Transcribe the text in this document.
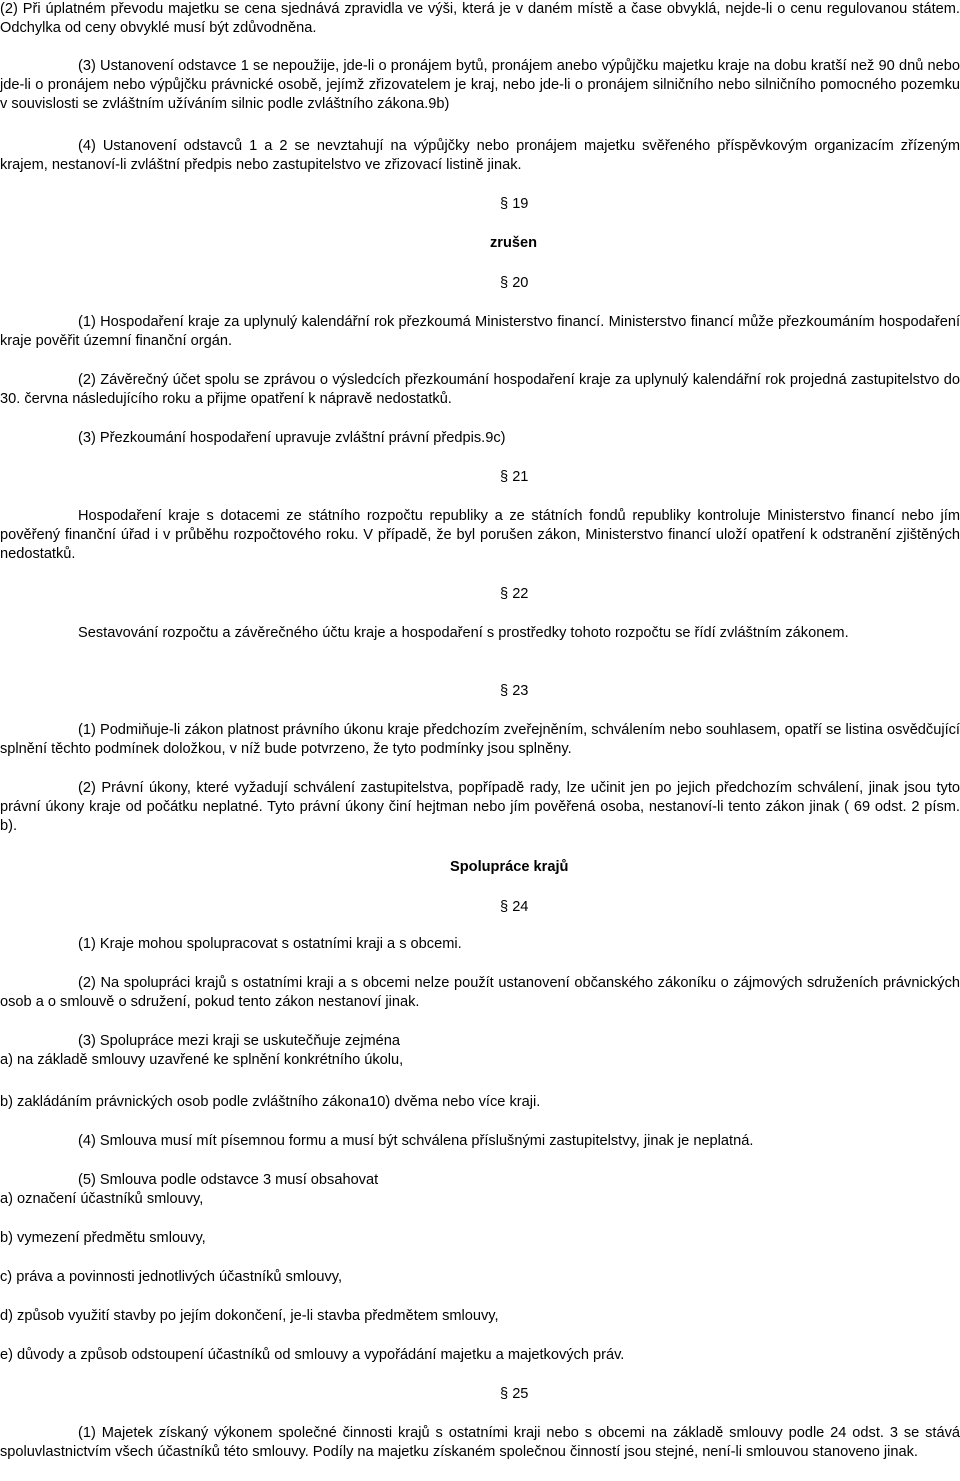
(2) Při úplatném převodu majetku se cena sjednává zpravidla ve výši, která je v daném místě a čase obvyklá, nejde-li o cenu regulovanou státem. Odchylka od ceny obvyklé musí být zdůvodněna.

(3) Ustanovení odstavce 1 se nepoužije, jde-li o pronájem bytů, pronájem anebo výpůjčku majetku kraje na dobu kratší než 90 dnů nebo jde-li o pronájem nebo výpůjčku právnické osobě, jejímž zřizovatelem je kraj, nebo jde-li o pronájem silničního nebo silničního pomocného pozemku v souvislosti se zvláštním užíváním silnic podle zvláštního zákona.9b)

(4) Ustanovení odstavců 1 a 2 se nevztahují na výpůjčky nebo pronájem majetku svěřeného příspěvkovým organizacím zřízeným krajem, nestanoví-li zvláštní předpis nebo zastupitelstvo ve zřizovací listině jinak.

§ 19
zrušen
§ 20

(1) Hospodaření kraje za uplynulý kalendářní rok přezkoumá Ministerstvo financí. Ministerstvo financí může přezkoumáním hospodaření kraje pověřit územní finanční orgán.

(2) Závěrečný účet spolu se zprávou o výsledcích přezkoumání hospodaření kraje za uplynulý kalendářní rok projedná zastupitelstvo do 30. června následujícího roku a přijme opatření k nápravě nedostatků.

(3) Přezkoumání hospodaření upravuje zvláštní právní předpis.9c)

§ 21

Hospodaření kraje s dotacemi ze státního rozpočtu republiky a ze státních fondů republiky kontroluje Ministerstvo financí nebo jím pověřený finanční úřad i v průběhu rozpočtového roku. V případě, že byl porušen zákon, Ministerstvo financí uloží opatření k odstranění zjištěných nedostatků.

§ 22

Sestavování rozpočtu a závěrečného účtu kraje a hospodaření s prostředky tohoto rozpočtu se řídí zvláštním zákonem.

§ 23

(1) Podmiňuje-li zákon platnost právního úkonu kraje předchozím zveřejněním, schválením nebo souhlasem, opatří se listina osvědčující splnění těchto podmínek doložkou, v níž bude potvrzeno, že tyto podmínky jsou splněny.

(2) Právní úkony, které vyžadují schválení zastupitelstva, popřípadě rady, lze učinit jen po jejich předchozím schválení, jinak jsou tyto právní úkony kraje od počátku neplatné. Tyto právní úkony činí hejtman nebo jím pověřená osoba, nestanoví-li tento zákon jinak ( 69 odst. 2 písm. b).

Spolupráce krajů
§ 24

(1) Kraje mohou spolupracovat s ostatními kraji a s obcemi.

(2) Na spolupráci krajů s ostatními kraji a s obcemi nelze použít ustanovení občanského zákoníku o zájmových sdruženích právnických osob a o smlouvě o sdružení, pokud tento zákon nestanoví jinak.

(3) Spolupráce mezi kraji se uskutečňuje zejména

a) na základě smlouvy uzavřené ke splnění konkrétního úkolu,

b) zakládáním právnických osob podle zvláštního zákona10) dvěma nebo více kraji.

(4) Smlouva musí mít písemnou formu a musí být schválena příslušnými zastupitelstvy, jinak je neplatná.

(5) Smlouva podle odstavce 3 musí obsahovat

a) označení účastníků smlouvy,

b) vymezení předmětu smlouvy,

c) práva a povinnosti jednotlivých účastníků smlouvy,

d) způsob využití stavby po jejím dokončení, je-li stavba předmětem smlouvy,

e) důvody a způsob odstoupení účastníků od smlouvy a vypořádání majetku a majetkových práv.

§ 25

(1) Majetek získaný výkonem společné činnosti krajů s ostatními kraji nebo s obcemi na základě smlouvy podle 24 odst. 3 se stává spoluvlastnictvím všech účastníků této smlouvy. Podíly na majetku získaném společnou činností jsou stejné, není-li smlouvou stanoveno jinak.
